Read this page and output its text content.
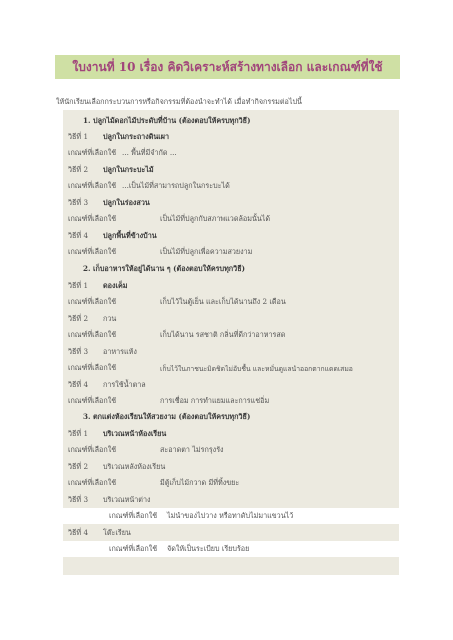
ใบงานที่ 10 เรื่อง คิดวิเคราะห์สร้างทางเลือก และเกณฑ์ที่ใช้
ให้นักเรียนเลือกกระบวนการหรือกิจกรรมที่ต้องนำจะทำได้ เมื่อทำกิจกรรมต่อไปนี้
1. ปลูกไม้ดอกไม้ประดับที่บ้าน (ต้องตอบให้ครบทุกวิธี)
วิธีที่ 1 ปลูกในกระถางดินเผา
เกณฑ์ที่เลือกใช้ ... พื้นที่มีจำกัด ...
วิธีที่ 2 ปลูกในกระบะไม้
เกณฑ์ที่เลือกใช้ ...เป็นไม้ที่สามารถปลูกในกระบะได้
วิธีที่ 3 ปลูกในร่องสวน
เกณฑ์ที่เลือกใช้	เป็นไม้ที่ปลูกกับสภาพแวดล้อมนั้นได้
วิธีที่ 4 ปลูกพื้นที่ข้างบ้าน
เกณฑ์ที่เลือกใช้	เป็นไม้ที่ปลูกเพื่อความสวยงาม
2. เก็บอาหารให้อยู่ได้นาน ๆ (ต้องตอบให้ครบทุกวิธี)
วิธีที่ 1 ดองเค็ม
เกณฑ์ที่เลือกใช้	เก็บไว้ในตู้เย็น และเก็บได้นานถึง 2 เดือน
วิธีที่ 2 กวน
เกณฑ์ที่เลือกใช้	เก็บได้นาน รสชาติ กลิ่นที่ดีกว่าอาหารสด
วิธีที่ 3 อาหารแห้ง
เกณฑ์ที่เลือกใช้	เก็บไว้ในภาชนะมิดชิดไม่อับชื้น และหมั่นดูแลนำออกตากแดดเสมอ
วิธีที่ 4 การใช้น้ำตาล
เกณฑ์ที่เลือกใช้	การเชื่อม การทำแยมและการแช่อิ่ม
3. ตกแต่งห้องเรียนให้สวยงาม (ต้องตอบให้ครบทุกวิธี)
วิธีที่ 1 บริเวณหน้าห้องเรียน
เกณฑ์ที่เลือกใช้	สะอาดตา ไม่รกรุงรัง
วิธีที่ 2 บริเวณหลังห้องเรียน
เกณฑ์ที่เลือกใช้	มีตู้เก็บไม้กวาด มีที่ทิ้งขยะ
วิธีที่ 3 บริเวณหน้าต่าง
เกณฑ์ที่เลือกใช้ ไม่นำของไปวาง หรือทาดับไม่มาแขวนไว้
วิธีที่ 4 โต๊ะเรียน
เกณฑ์ที่เลือกใช้ จัดให้เป็นระเบียบ เรียบร้อย
